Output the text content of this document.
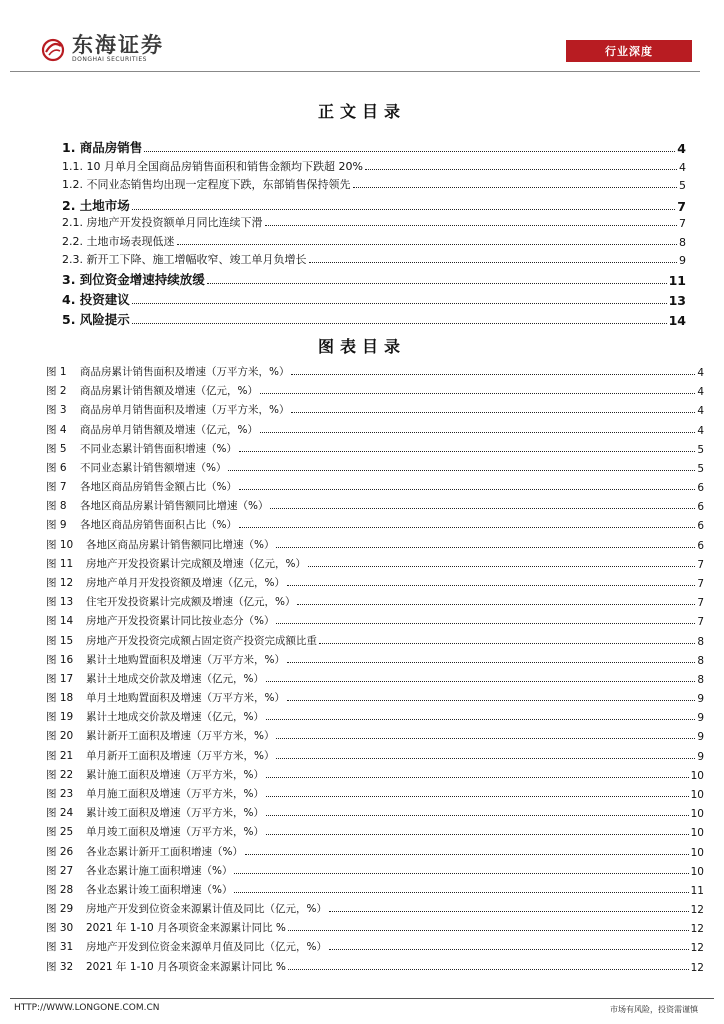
东海证券
DONGHAI SECURITIES
行业深度
正文目录
1. 商品房销售	4
1.1. 10 月单月全国商品房销售面积和销售金额均下跌超 20%	4
1.2. 不同业态销售均出现一定程度下跌，东部销售保持领先	5
2. 土地市场	7
2.1. 房地产开发投资额单月同比连续下滑	7
2.2. 土地市场表现低迷	8
2.3. 新开工下降、施工增幅收窄、竣工单月负增长	9
3. 到位资金增速持续放缓	11
4. 投资建议	13
5. 风险提示	14
图表目录
图 1	商品房累计销售面积及增速（万平方米，%）	4
图 2	商品房累计销售额及增速（亿元，%）	4
图 3	商品房单月销售面积及增速（万平方米，%）	4
图 4	商品房单月销售额及增速（亿元，%）	4
图 5	不同业态累计销售面积增速（%）	5
图 6	不同业态累计销售额增速（%）	5
图 7	各地区商品房销售金额占比（%）	6
图 8	各地区商品房累计销售额同比增速（%）	6
图 9	各地区商品房销售面积占比（%）	6
图 10	各地区商品房累计销售额同比增速（%）	6
图 11	房地产开发投资累计完成额及增速（亿元，%）	7
图 12	房地产单月开发投资额及增速（亿元，%）	7
图 13	住宅开发投资累计完成额及增速（亿元，%）	7
图 14	房地产开发投资累计同比按业态分（%）	7
图 15	房地产开发投资完成额占固定资产投资完成额比重	8
图 16	累计土地购置面积及增速（万平方米，%）	8
图 17	累计土地成交价款及增速（亿元，%）	8
图 18	单月土地购置面积及增速（万平方米，%）	9
图 19	累计土地成交价款及增速（亿元，%）	9
图 20	累计新开工面积及增速（万平方米，%）	9
图 21	单月新开工面积及增速（万平方米，%）	9
图 22	累计施工面积及增速（万平方米，%）	10
图 23	单月施工面积及增速（万平方米，%）	10
图 24	累计竣工面积及增速（万平方米，%）	10
图 25	单月竣工面积及增速（万平方米，%）	10
图 26	各业态累计新开工面积增速（%）	10
图 27	各业态累计施工面积增速（%）	10
图 28	各业态累计竣工面积增速（%）	11
图 29	房地产开发到位资金来源累计值及同比（亿元，%）	12
图 30	2021 年 1-10 月各项资金来源累计同比 %	12
图 31	房地产开发到位资金来源单月值及同比（亿元，%）	12
图 32	2021 年 1-10 月各项资金来源累计同比 %	12
HTTP://WWW.LONGONE.COM.CN	市场有风险，投资需谨慎
